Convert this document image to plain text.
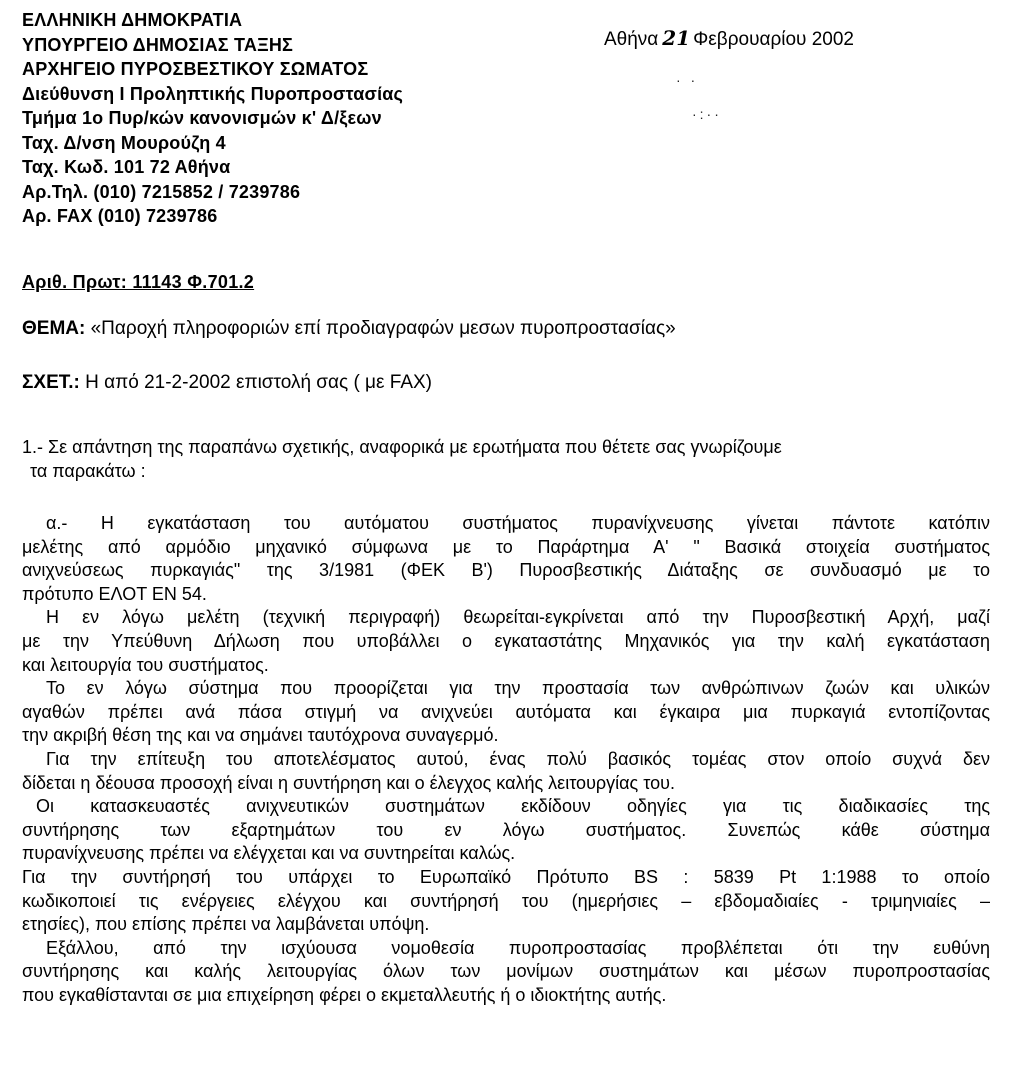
ΕΛΛΗΝΙΚΗ ΔΗΜΟΚΡΑΤΙΑ
ΥΠΟΥΡΓΕΙΟ ΔΗΜΟΣΙΑΣ ΤΑΞΗΣ
ΑΡΧΗΓΕΙΟ ΠΥΡΟΣΒΕΣΤΙΚΟΥ ΣΩΜΑΤΟΣ
Διεύθυνση Ι Προληπτικής Πυροπροστασίας
Τμήμα 1ο Πυρ/κών κανονισμών κ' Δ/ξεων
Ταχ. Δ/νση Μουρούζη 4
Ταχ. Κωδ. 101 72 Αθήνα
Αρ.Τηλ. (010) 7215852 / 7239786
Αρ. FAX (010) 7239786
Αθήνα 21 Φεβρουαρίου 2002
· ·
·:··
Αριθ. Πρωτ: 11143 Φ.701.2
ΘΕΜΑ: «Παροχή πληροφοριών επί προδιαγραφών μεσων πυροπροστασίας»
ΣΧΕΤ.: Η από 21-2-2002 επιστολή σας ( με FAX)
1.- Σε απάντηση της παραπάνω σχετικής, αναφορικά με ερωτήματα που θέτετε σας γνωρίζουμε
τα παρακάτω :
α.- Η εγκατάσταση του αυτόματου συστήματος πυρανίχνευσης γίνεται πάντοτε κατόπιν
μελέτης από αρμόδιο μηχανικό σύμφωνα με το Παράρτημα Α' " Βασικά στοιχεία συστήματος
ανιχνεύσεως πυρκαγιάς" της 3/1981 (ΦΕΚ Β') Πυροσβεστικής Διάταξης σε συνδυασμό με το
πρότυπο ΕΛΟΤ ΕΝ 54.
Η εν λόγω μελέτη (τεχνική περιγραφή) θεωρείται-εγκρίνεται από την Πυροσβεστική Αρχή, μαζί
με την Υπεύθυνη Δήλωση που υποβάλλει ο εγκαταστάτης Μηχανικός για την καλή εγκατάσταση
και λειτουργία του συστήματος.
Το εν λόγω σύστημα που προορίζεται για την προστασία των ανθρώπινων ζωών και υλικών
αγαθών πρέπει ανά πάσα στιγμή να ανιχνεύει αυτόματα και έγκαιρα μια πυρκαγιά εντοπίζοντας
την ακριβή θέση της και να σημάνει ταυτόχρονα συναγερμό.
Για την επίτευξη του αποτελέσματος αυτού, ένας πολύ βασικός τομέας στον οποίο συχνά δεν
δίδεται η δέουσα προσοχή είναι η συντήρηση και ο έλεγχος καλής λειτουργίας του.
Οι κατασκευαστές ανιχνευτικών συστημάτων εκδίδουν οδηγίες για τις διαδικασίες της
συντήρησης των εξαρτημάτων του εν λόγω συστήματος. Συνεπώς κάθε σύστημα
πυρανίχνευσης πρέπει να ελέγχεται και να συντηρείται καλώς.
Για την συντήρησή του υπάρχει το Ευρωπαϊκό Πρότυπο BS : 5839 Pt 1:1988 το οποίο
κωδικοποιεί τις ενέργειες ελέγχου και συντήρησή του (ημερήσιες – εβδομαδιαίες - τριμηνιαίες –
ετησίες), που επίσης πρέπει να λαμβάνεται υπόψη.
Εξάλλου, από την ισχύουσα νομοθεσία πυροπροστασίας προβλέπεται ότι την ευθύνη
συντήρησης και καλής λειτουργίας όλων των μονίμων συστημάτων και μέσων πυροπροστασίας
που εγκαθίστανται σε μια επιχείρηση φέρει ο εκμεταλλευτής ή ο ιδιοκτήτης αυτής.
